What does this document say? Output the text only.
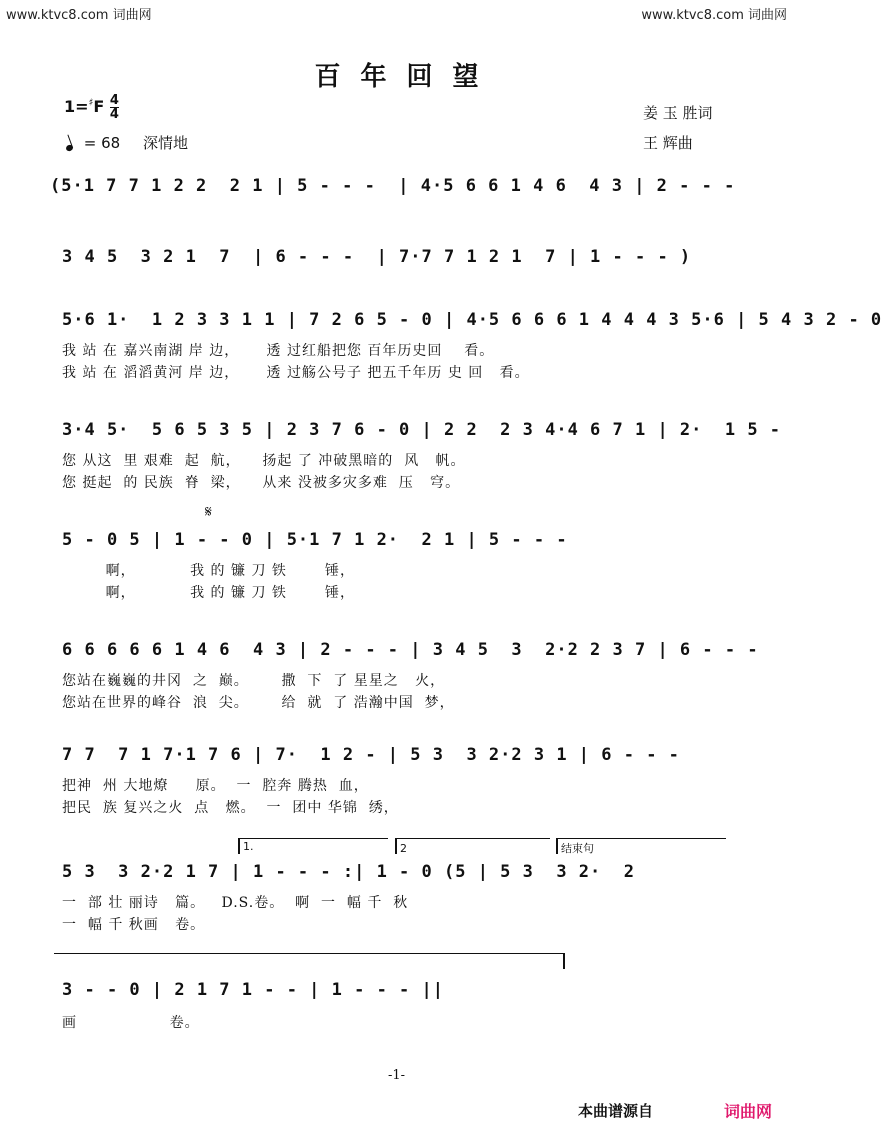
www.ktvc8.com 词曲网	www.ktvc8.com 词曲网
百年回望
$1=^♯F \frac{4}{4}$
= 68 深情地
姜 玉 胜词
王 辉曲
(5·1 7 7 1 2 2  2 1 | 5 - - -  | 4·5 6 6 1 4 6  4 3 | 2 - - -
3 4 5  3 2 1  7  | 6 - - -  | 7·7 7 1 2 1  7 | 1 - - - )
5·6 1·  1 2 3 3 1 1 | 7 2 6 5 - 0 | 4·5 6 6 6 1 4 4 4 3 5·6 | 5 4 3 2 - 0
我 站 在 嘉兴南湖 岸 边，     透 过红船把您 百年历史回    看。
我 站 在 滔滔黄河 岸 边，     透 过觞公号子 把五千年历 史 回   看。
3·4 5·  5 6 5 3 5 | 2 3 7 6 - 0 | 2 2  2 3 4·4 6 7 1 | 2·  1 5 -
您 从这  里 艰难  起  航，    扬起 了 冲破黑暗的  风   帆。
您 挺起  的 民族  脊  梁，    从来 没被多灾多难  压   穹。
𝄋
5 - 0 5 | 1 - - 0 | 5·1 7 1 2·  2 1 | 5 - - -
啊，          我 的 镰 刀 铁       锤，
啊，          我 的 镰 刀 铁       锤，
6 6 6 6 6 1 4 6  4 3 | 2 - - - | 3 4 5  3  2·2 2 3 7 | 6 - - -
您站在巍巍的井冈  之  巅。      撒  下  了 星星之   火，
您站在世界的峰谷  浪  尖。      给  就  了 浩瀚中国  梦，
7 7  7 1 7·1 7 6 | 7·  1 2 - | 5 3  3 2·2 3 1 | 6 - - -
把神  州 大地燎     原。  一  腔奔 腾热  血，
把民  族 复兴之火  点   燃。  一  团中 华锦  绣，
1.	2	结束句
5 3  3 2·2 1 7 | 1 - - - :| 1 - 0 (5 | 5 3  3 2·  2
一  部 壮 丽诗   篇。   D.S.卷。  啊  一  幅 千  秋
一  幅 千 秋画   卷。
3 - - 0 | 2 1 7 1 - - | 1 - - - ||
画                 卷。
-1-
本曲谱源自	词曲网
